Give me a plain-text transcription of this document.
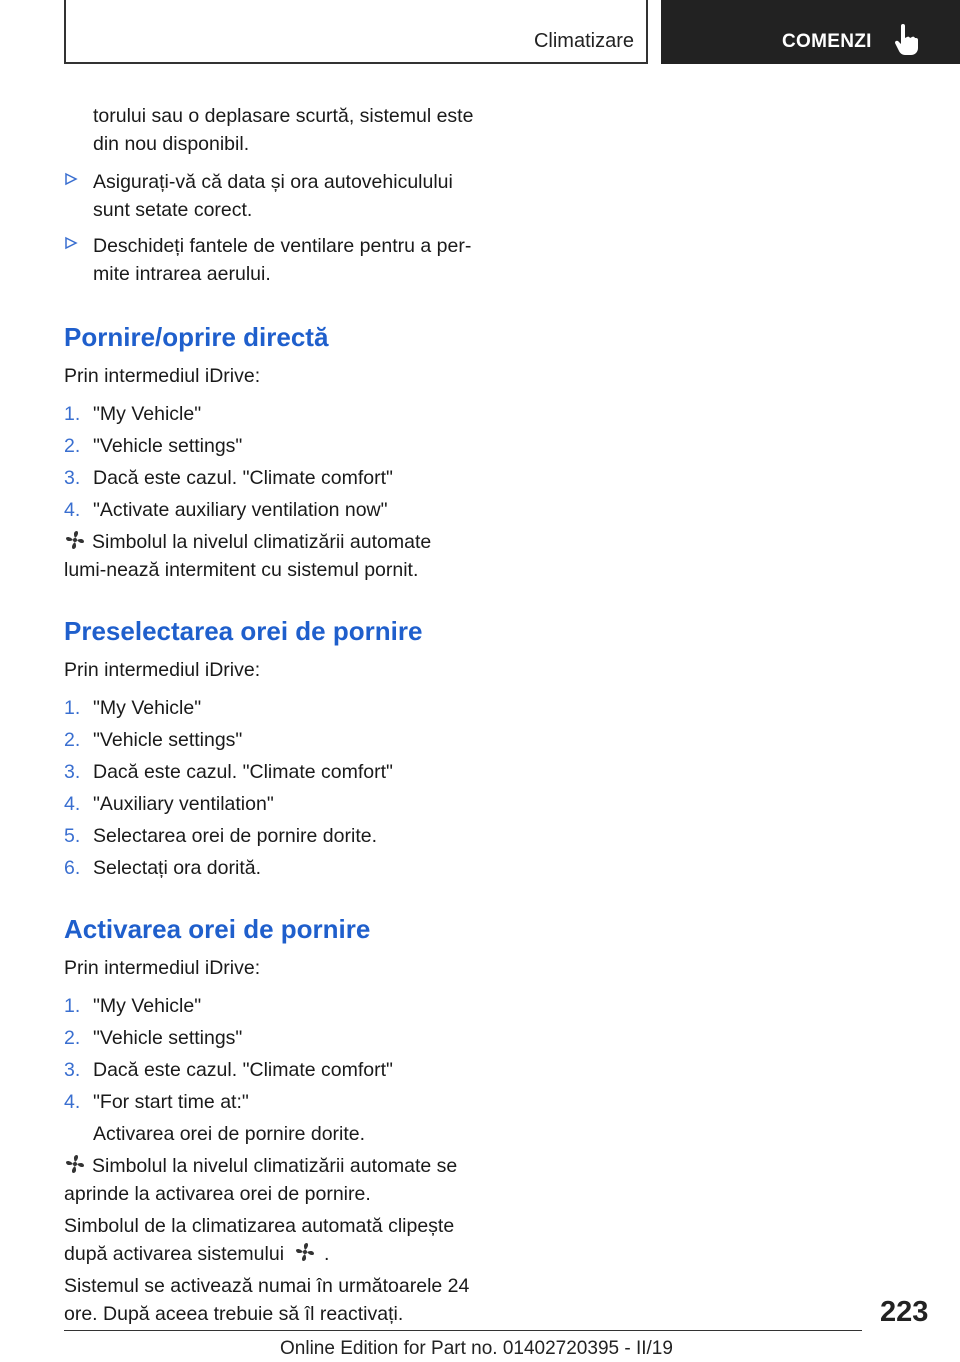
Climatizare	COMENZI

torului sau o deplasare scurtă, sistemul este din nou disponibil.

Asigurați-vă că data și ora autovehiculului sunt setate corect.

Deschideți fantele de ventilare pentru a per-mite intrarea aerului.

Pornire/oprire directă

Prin intermediul iDrive:

1. "My Vehicle"
2. "Vehicle settings"
3. Dacă este cazul. "Climate comfort"
4. "Activate auxiliary ventilation now"

Simbolul la nivelul climatizării automate lumi-nează intermitent cu sistemul pornit.

Preselectarea orei de pornire

Prin intermediul iDrive:

1. "My Vehicle"
2. "Vehicle settings"
3. Dacă este cazul. "Climate comfort"
4. "Auxiliary ventilation"
5. Selectarea orei de pornire dorite.
6. Selectați ora dorită.
Activarea orei de pornire

Prin intermediul iDrive:

1. "My Vehicle"
2. "Vehicle settings"
3. Dacă este cazul. "Climate comfort"
4. "For start time at:"

Activarea orei de pornire dorite.

Simbolul la nivelul climatizării automate se aprinde la activarea orei de pornire.

Simbolul de la climatizarea automată clipește după activarea sistemului .

Sistemul se activează numai în următoarele 24 ore. După aceea trebuie să îl reactivați.	223
Online Edition for Part no. 01402720395 - II/19
